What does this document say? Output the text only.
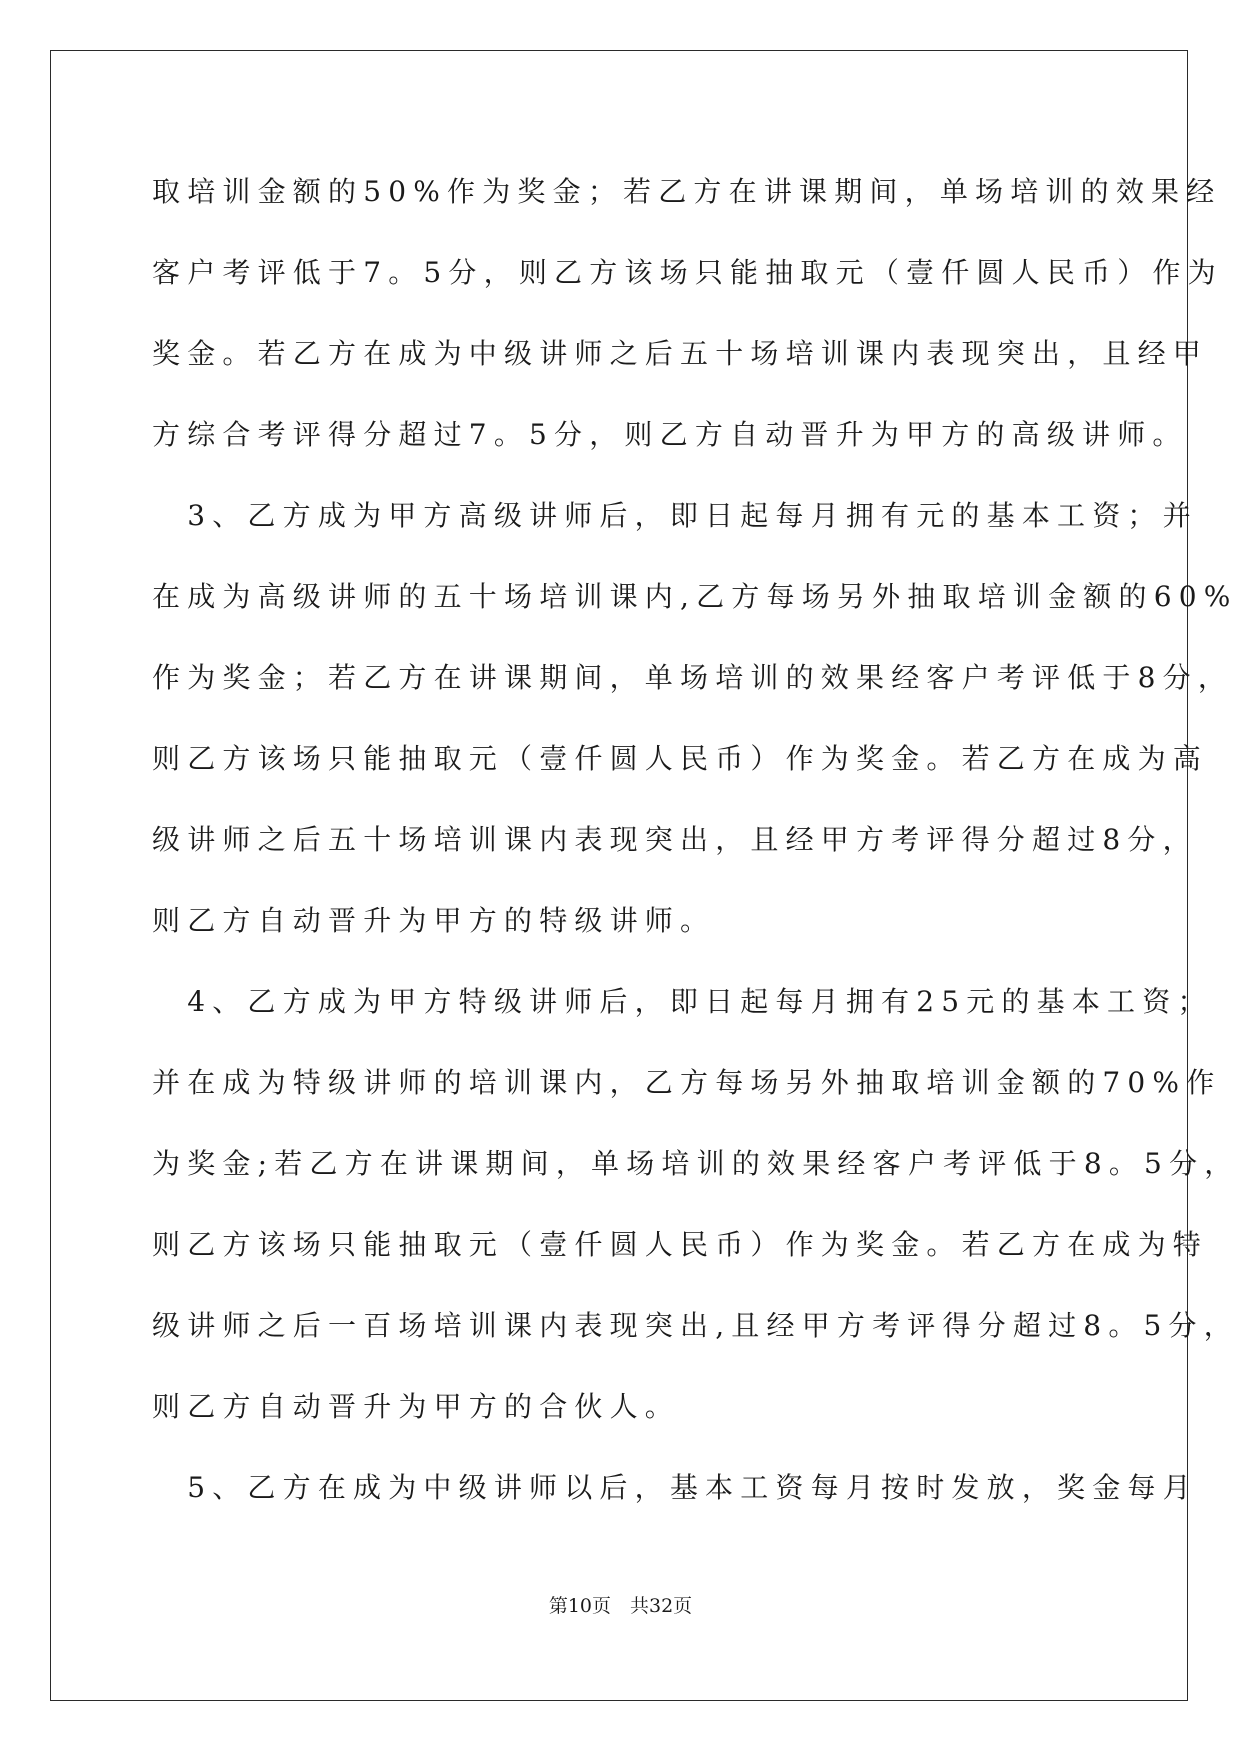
取培训金额的50%作为奖金；若乙方在讲课期间，单场培训的效果经
客户考评低于7。5分，则乙方该场只能抽取元（壹仟圆人民币）作为
奖金。若乙方在成为中级讲师之后五十场培训课内表现突出，且经甲
方综合考评得分超过7。5分，则乙方自动晋升为甲方的高级讲师。
　3、乙方成为甲方高级讲师后，即日起每月拥有元的基本工资；并
在成为高级讲师的五十场培训课内,乙方每场另外抽取培训金额的60%
作为奖金；若乙方在讲课期间，单场培训的效果经客户考评低于8分，
则乙方该场只能抽取元（壹仟圆人民币）作为奖金。若乙方在成为高
级讲师之后五十场培训课内表现突出，且经甲方考评得分超过8分，
则乙方自动晋升为甲方的特级讲师。
　4、乙方成为甲方特级讲师后，即日起每月拥有25元的基本工资；
并在成为特级讲师的培训课内，乙方每场另外抽取培训金额的70%作
为奖金;若乙方在讲课期间，单场培训的效果经客户考评低于8。5分，
则乙方该场只能抽取元（壹仟圆人民币）作为奖金。若乙方在成为特
级讲师之后一百场培训课内表现突出,且经甲方考评得分超过8。5分，
则乙方自动晋升为甲方的合伙人。
　5、乙方在成为中级讲师以后，基本工资每月按时发放，奖金每月
第10页　共32页
